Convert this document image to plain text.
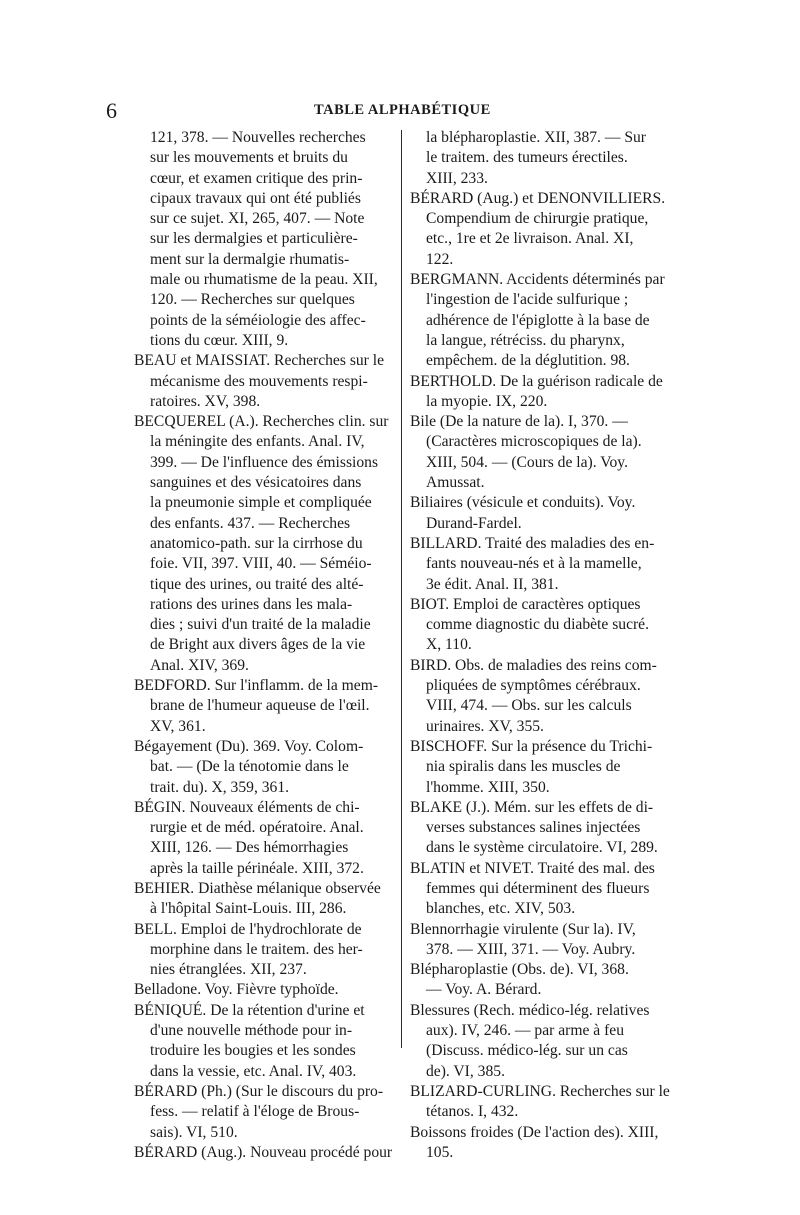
6	TABLE ALPHABÉTIQUE
121, 378. — Nouvelles recherches
sur les mouvements et bruits du
cœur, et examen critique des prin-
cipaux travaux qui ont été publiés
sur ce sujet. XI, 265, 407. — Note
sur les dermalgies et particulière-
ment sur la dermalgie rhumatis-
male ou rhumatisme de la peau. XII,
120. — Recherches sur quelques
points de la séméiologie des affec-
tions du cœur. XIII, 9.
BEAU et MAISSIAT. Recherches sur le
mécanisme des mouvements respi-
ratoires. XV, 398.
BECQUEREL (A.). Recherches clin. sur
la méningite des enfants. Anal. IV,
399. — De l'influence des émissions
sanguines et des vésicatoires dans
la pneumonie simple et compliquée
des enfants. 437. — Recherches
anatomico-path. sur la cirrhose du
foie. VII, 397. VIII, 40. — Séméio-
tique des urines, ou traité des alté-
rations des urines dans les mala-
dies ; suivi d'un traité de la maladie
de Bright aux divers âges de la vie
Anal. XIV, 369.
BEDFORD. Sur l'inflamm. de la mem-
brane de l'humeur aqueuse de l'œil.
XV, 361.
Bégayement (Du). 369. Voy. Colom-
bat. — (De la ténotomie dans le
trait. du). X, 359, 361.
BÉGIN. Nouveaux éléments de chi-
rurgie et de méd. opératoire. Anal.
XIII, 126. — Des hémorrhagies
après la taille périnéale. XIII, 372.
BEHIER. Diathèse mélanique observée
à l'hôpital Saint-Louis. III, 286.
BELL. Emploi de l'hydrochlorate de
morphine dans le traitem. des her-
nies étranglées. XII, 237.
Belladone. Voy. Fièvre typhoïde.
BÉNIQUÉ. De la rétention d'urine et
d'une nouvelle méthode pour in-
troduire les bougies et les sondes
dans la vessie, etc. Anal. IV, 403.
BÉRARD (Ph.) (Sur le discours du pro-
fess. — relatif à l'éloge de Brous-
sais). VI, 510.
BÉRARD (Aug.). Nouveau procédé pour
la blépharoplastie. XII, 387. — Sur
le traitem. des tumeurs érectiles.
XIII, 233.
BÉRARD (Aug.) et DENONVILLIERS.
Compendium de chirurgie pratique,
etc., 1re et 2e livraison. Anal. XI,
122.
BERGMANN. Accidents déterminés par
l'ingestion de l'acide sulfurique ;
adhérence de l'épiglotte à la base de
la langue, rétréciss. du pharynx,
empêchem. de la déglutition. 98.
BERTHOLD. De la guérison radicale de
la myopie. IX, 220.
Bile (De la nature de la). I, 370. —
(Caractères microscopiques de la).
XIII, 504. — (Cours de la). Voy.
Amussat.
Biliaires (vésicule et conduits). Voy.
Durand-Fardel.
BILLARD. Traité des maladies des en-
fants nouveau-nés et à la mamelle,
3e édit. Anal. II, 381.
BIOT. Emploi de caractères optiques
comme diagnostic du diabète sucré.
X, 110.
BIRD. Obs. de maladies des reins com-
pliquées de symptômes cérébraux.
VIII, 474. — Obs. sur les calculs
urinaires. XV, 355.
BISCHOFF. Sur la présence du Trichi-
nia spiralis dans les muscles de
l'homme. XIII, 350.
BLAKE (J.). Mém. sur les effets de di-
verses substances salines injectées
dans le système circulatoire. VI, 289.
BLATIN et NIVET. Traité des mal. des
femmes qui déterminent des flueurs
blanches, etc. XIV, 503.
Blennorrhagie virulente (Sur la). IV,
378. — XIII, 371. — Voy. Aubry.
Blépharoplastie (Obs. de). VI, 368.
— Voy. A. Bérard.
Blessures (Rech. médico-lég. relatives
aux). IV, 246. — par arme à feu
(Discuss. médico-lég. sur un cas
de). VI, 385.
BLIZARD-CURLING. Recherches sur le
tétanos. I, 432.
Boissons froides (De l'action des). XIII,
105.
